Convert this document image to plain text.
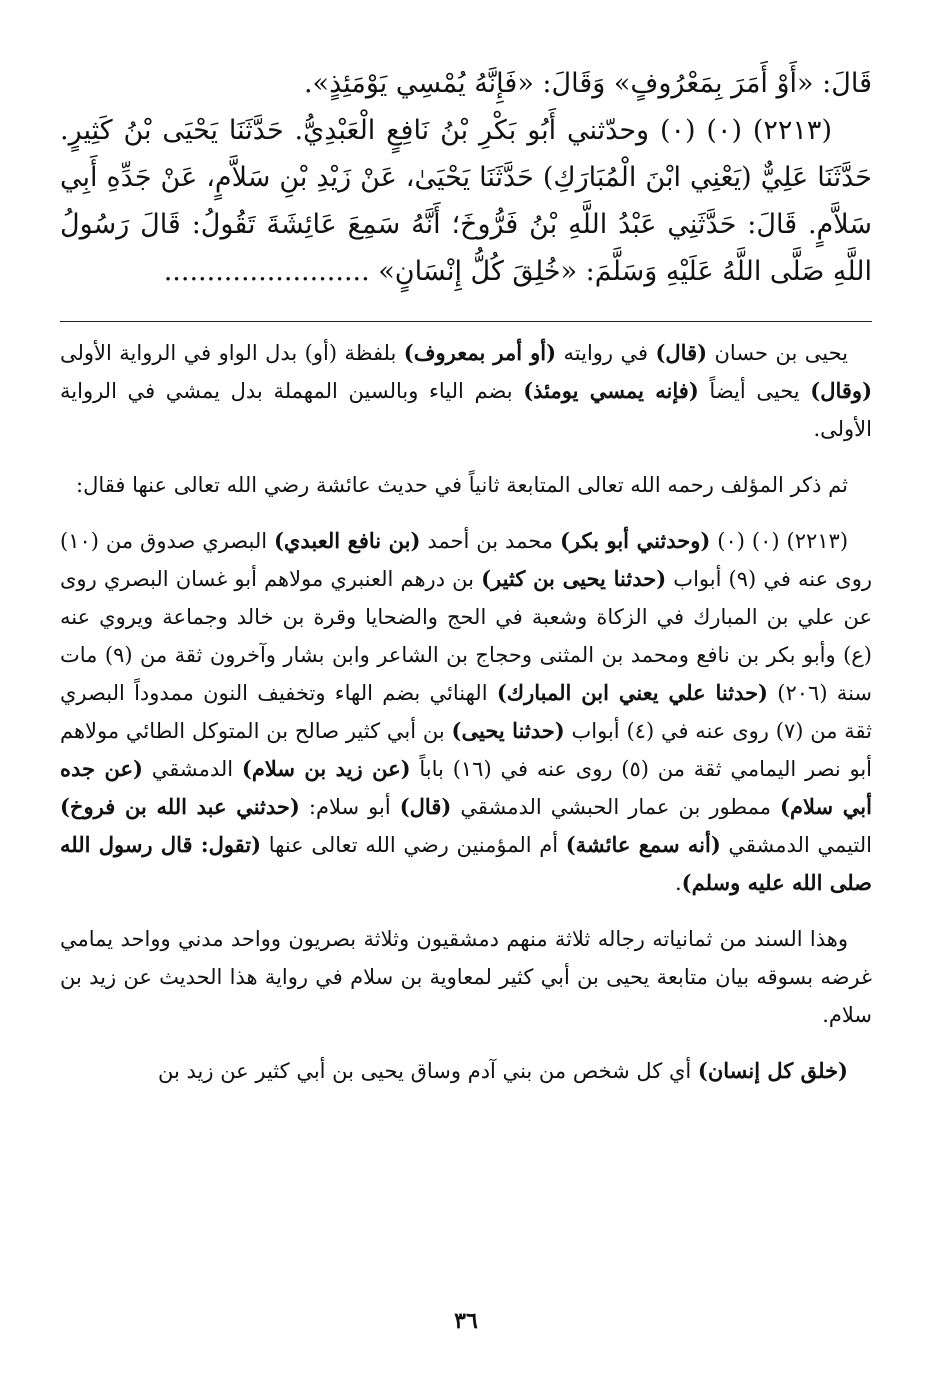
قَالَ: «أَوْ أَمَرَ بِمَعْرُوفٍ» وَقَالَ: «فَإِنَّهُ يُمْسِي يَوْمَئِذٍ».

(٢٢١٣) (٠) (٠) وحدّثني أَبُو بَكْرِ بْنُ نَافِعٍ الْعَبْدِيُّ. حَدَّثَنَا يَحْيَى بْنُ كَثِيرٍ. حَدَّثَنَا عَلِيٌّ (يَعْنِي ابْنَ الْمُبَارَكِ) حَدَّثَنَا يَحْيَىٰ، عَنْ زَيْدِ بْنِ سَلاَّمٍ، عَنْ جَدِّهِ أَبِي سَلاَّمٍ. قَالَ: حَدَّثَنِي عَبْدُ اللَّهِ بْنُ فَرُّوخَ؛ أَنَّهُ سَمِعَ عَائِشَةَ تَقُولُ: قَالَ رَسُولُ اللَّهِ صَلَّى اللَّهُ عَلَيْهِ وَسَلَّمَ: «خُلِقَ كُلُّ إِنْسَانٍ» ........................

يحيى بن حسان (قال) في روايته (أو أمر بمعروف) بلفظة (أو) بدل الواو في الرواية الأولى (وقال) يحيى أيضاً (فإنه يمسي يومئذ) بضم الياء وبالسين المهملة بدل يمشي في الرواية الأولى.

ثم ذكر المؤلف رحمه الله تعالى المتابعة ثانياً في حديث عائشة رضي الله تعالى عنها فقال:

(٢٢١٣) (٠) (٠) (وحدثني أبو بكر) محمد بن أحمد (بن نافع العبدي) البصري صدوق من (١٠) روى عنه في (٩) أبواب (حدثنا يحيى بن كثير) بن درهم العنبري مولاهم أبو غسان البصري روى عن علي بن المبارك في الزكاة وشعبة في الحج والضحايا وقرة بن خالد وجماعة ويروي عنه (ع) وأبو بكر بن نافع ومحمد بن المثنى وحجاج بن الشاعر وابن بشار وآخرون ثقة من (٩) مات سنة (٢٠٦) (حدثنا علي يعني ابن المبارك) الهنائي بضم الهاء وتخفيف النون ممدوداً البصري ثقة من (٧) روى عنه في (٤) أبواب (حدثنا يحيى) بن أبي كثير صالح بن المتوكل الطائي مولاهم أبو نصر اليمامي ثقة من (٥) روى عنه في (١٦) باباً (عن زيد بن سلام) الدمشقي (عن جده أبي سلام) ممطور بن عمار الحبشي الدمشقي (قال) أبو سلام: (حدثني عبد الله بن فروخ) التيمي الدمشقي (أنه سمع عائشة) أم المؤمنين رضي الله تعالى عنها (تقول: قال رسول الله صلى الله عليه وسلم).

وهذا السند من ثمانياته رجاله ثلاثة منهم دمشقيون وثلاثة بصريون وواحد مدني وواحد يمامي غرضه بسوقه بيان متابعة يحيى بن أبي كثير لمعاوية بن سلام في رواية هذا الحديث عن زيد بن سلام.

(خلق كل إنسان) أي كل شخص من بني آدم وساق يحيى بن أبي كثير عن زيد بن

٣٦
